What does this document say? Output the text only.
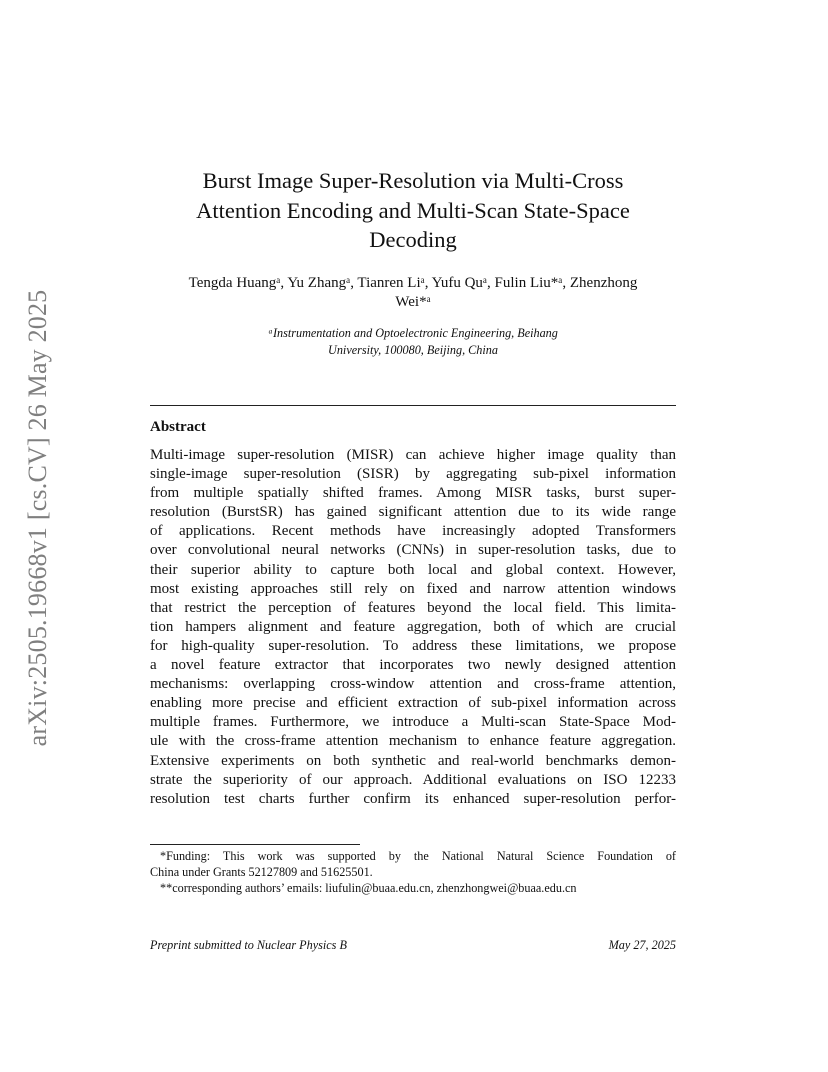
arXiv:2505.19668v1 [cs.CV] 26 May 2025
Burst Image Super-Resolution via Multi-Cross
Attention Encoding and Multi-Scan State-Space
Decoding
Tengda Huangᵃ, Yu Zhangᵃ, Tianren Liᵃ, Yufu Quᵃ, Fulin Liu*ᵃ, Zhenzhong
Wei*ᵃ
ᵃInstrumentation and Optoelectronic Engineering, Beihang
University, 100080, Beijing, China
Abstract
Multi-image super-resolution (MISR) can achieve higher image quality than
single-image super-resolution (SISR) by aggregating sub-pixel information
from multiple spatially shifted frames. Among MISR tasks, burst super-
resolution (BurstSR) has gained significant attention due to its wide range
of applications. Recent methods have increasingly adopted Transformers
over convolutional neural networks (CNNs) in super-resolution tasks, due to
their superior ability to capture both local and global context. However,
most existing approaches still rely on fixed and narrow attention windows
that restrict the perception of features beyond the local field. This limita-
tion hampers alignment and feature aggregation, both of which are crucial
for high-quality super-resolution. To address these limitations, we propose
a novel feature extractor that incorporates two newly designed attention
mechanisms: overlapping cross-window attention and cross-frame attention,
enabling more precise and efficient extraction of sub-pixel information across
multiple frames. Furthermore, we introduce a Multi-scan State-Space Mod-
ule with the cross-frame attention mechanism to enhance feature aggregation.
Extensive experiments on both synthetic and real-world benchmarks demon-
strate the superiority of our approach. Additional evaluations on ISO 12233
resolution test charts further confirm its enhanced super-resolution perfor-
*Funding: This work was supported by the National Natural Science Foundation of
China under Grants 52127809 and 51625501.
**corresponding authors’ emails: liufulin@buaa.edu.cn, zhenzhongwei@buaa.edu.cn
Preprint submitted to Nuclear Physics B	May 27, 2025
